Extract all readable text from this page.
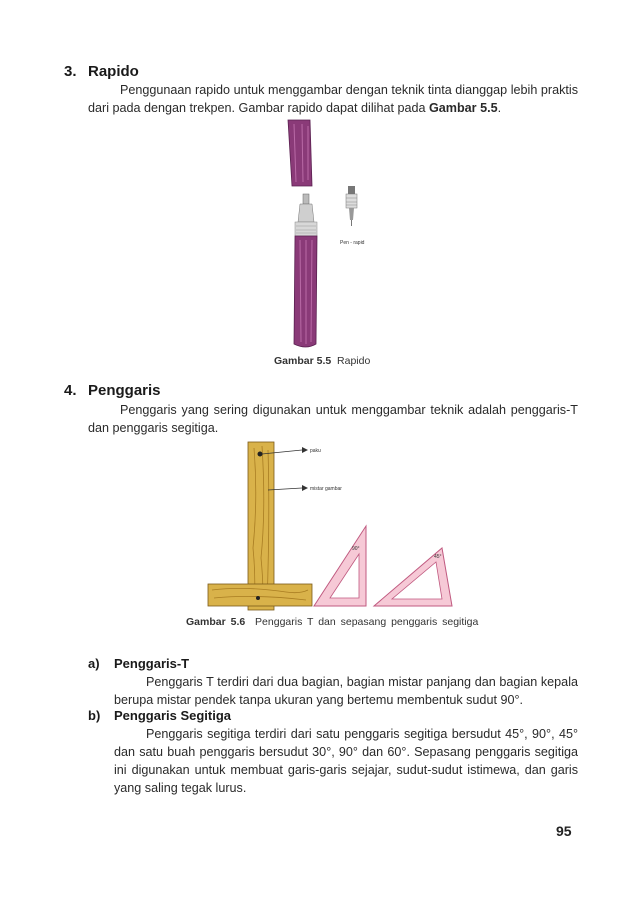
3. Rapido
Penggunaan rapido untuk menggambar dengan teknik tinta dianggap lebih praktis dari pada dengan trekpen. Gambar rapido dapat dilihat pada Gambar 5.5.
Pen - rapid
Gambar 5.5 Rapido
4. Penggaris
Penggaris yang sering digunakan untuk menggambar teknik adalah penggaris-T dan penggaris segitiga.
paku
mistar gambar
90°
45°
Gambar 5.6 Penggaris T dan sepasang penggaris segitiga
a) Penggaris-T
Penggaris T terdiri dari dua bagian, bagian mistar panjang dan bagian kepala berupa mistar pendek tanpa ukuran yang bertemu membentuk sudut 90°.
b) Penggaris Segitiga
Penggaris segitiga terdiri dari satu penggaris segitiga bersudut 45°, 90°, 45° dan satu buah penggaris bersudut 30°, 90° dan 60°. Sepasang penggaris segitiga ini digunakan untuk membuat garis-garis sejajar, sudut-sudut istimewa, dan garis yang saling tegak lurus.
95
